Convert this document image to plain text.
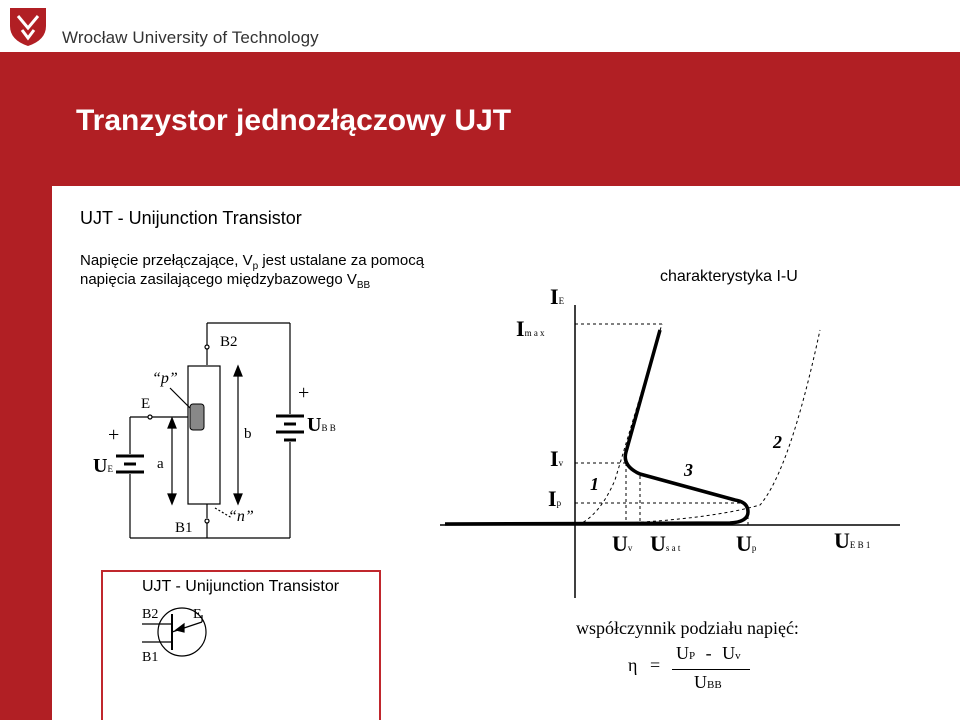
Wrocław University of Technology
Tranzystor jednozłączowy UJT
UJT - Unijunction Transistor
Napięcie przełączające, $V_p$ jest ustalane za pomocą
napięcia zasilającego międzybazowego $V_{BB}$
B2
B1
E
“p”
“n”
a
b
+
+
UE
UB B
charakterystyka I-U
IE
Im a x
Iv
Ip
Uv Us a t	Up	UE B 1
1
2
3
UJT - Unijunction Transistor
B2
B1
E
współczynnik podziału napięć:
η =
UP - Uv
UBB
